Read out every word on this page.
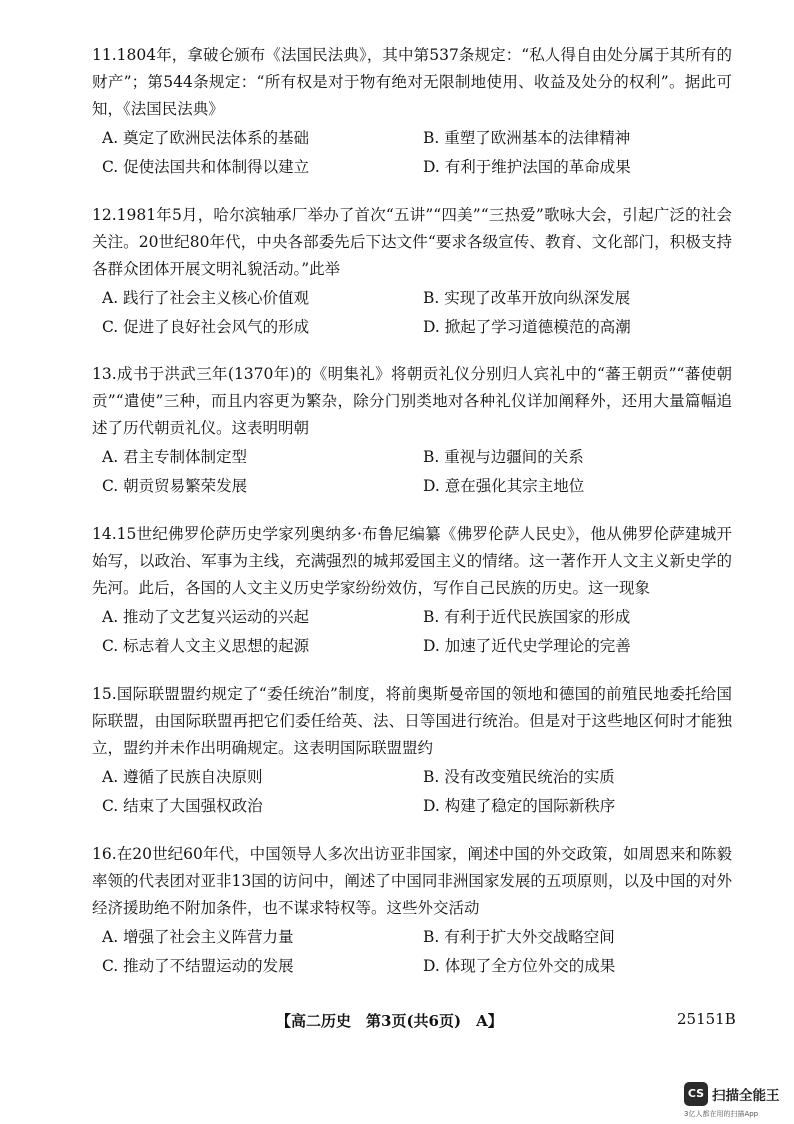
11.1804年，拿破仑颁布《法国民法典》，其中第537条规定：“私人得自由处分属于其所有的财产”；第544条规定：“所有权是对于物有绝对无限制地使用、收益及处分的权利”。据此可知，《法国民法典》

A. 奠定了欧洲民法体系的基础	B. 重塑了欧洲基本的法律精神
C. 促使法国共和体制得以建立	D. 有利于维护法国的革命成果

12.1981年5月，哈尔滨轴承厂举办了首次“五讲”“四美”“三热爱”歌咏大会，引起广泛的社会关注。20世纪80年代，中央各部委先后下达文件“要求各级宣传、教育、文化部门，积极支持各群众团体开展文明礼貌活动。”此举

A. 践行了社会主义核心价值观	B. 实现了改革开放向纵深发展
C. 促进了良好社会风气的形成	D. 掀起了学习道德模范的高潮

13.成书于洪武三年(1370年)的《明集礼》将朝贡礼仪分别归人宾礼中的“蕃王朝贡”“蕃使朝贡”“遣使”三种，而且内容更为繁杂，除分门别类地对各种礼仪详加阐释外，还用大量篇幅追述了历代朝贡礼仪。这表明明朝

A. 君主专制体制定型	B. 重视与边疆间的关系
C. 朝贡贸易繁荣发展	D. 意在强化其宗主地位

14.15世纪佛罗伦萨历史学家列奥纳多·布鲁尼编纂《佛罗伦萨人民史》，他从佛罗伦萨建城开始写，以政治、军事为主线，充满强烈的城邦爱国主义的情绪。这一著作开人文主义新史学的先河。此后，各国的人文主义历史学家纷纷效仿，写作自己民族的历史。这一现象

A. 推动了文艺复兴运动的兴起	B. 有利于近代民族国家的形成
C. 标志着人文主义思想的起源	D. 加速了近代史学理论的完善

15.国际联盟盟约规定了“委任统治”制度，将前奥斯曼帝国的领地和德国的前殖民地委托给国际联盟，由国际联盟再把它们委任给英、法、日等国进行统治。但是对于这些地区何时才能独立，盟约并未作出明确规定。这表明国际联盟盟约

A. 遵循了民族自决原则	B. 没有改变殖民统治的实质
C. 结束了大国强权政治	D. 构建了稳定的国际新秩序

16.在20世纪60年代，中国领导人多次出访亚非国家，阐述中国的外交政策，如周恩来和陈毅率领的代表团对亚非13国的访问中，阐述了中国同非洲国家发展的五项原则，以及中国的对外经济援助绝不附加条件，也不谋求特权等。这些外交活动

A. 增强了社会主义阵营力量	B. 有利于扩大外交战略空间
C. 推动了不结盟运动的发展	D. 体现了全方位外交的成果
【高二历史　第3页(共6页)　A】	25151B
CS 扫描全能王
3亿人都在用的扫描App
